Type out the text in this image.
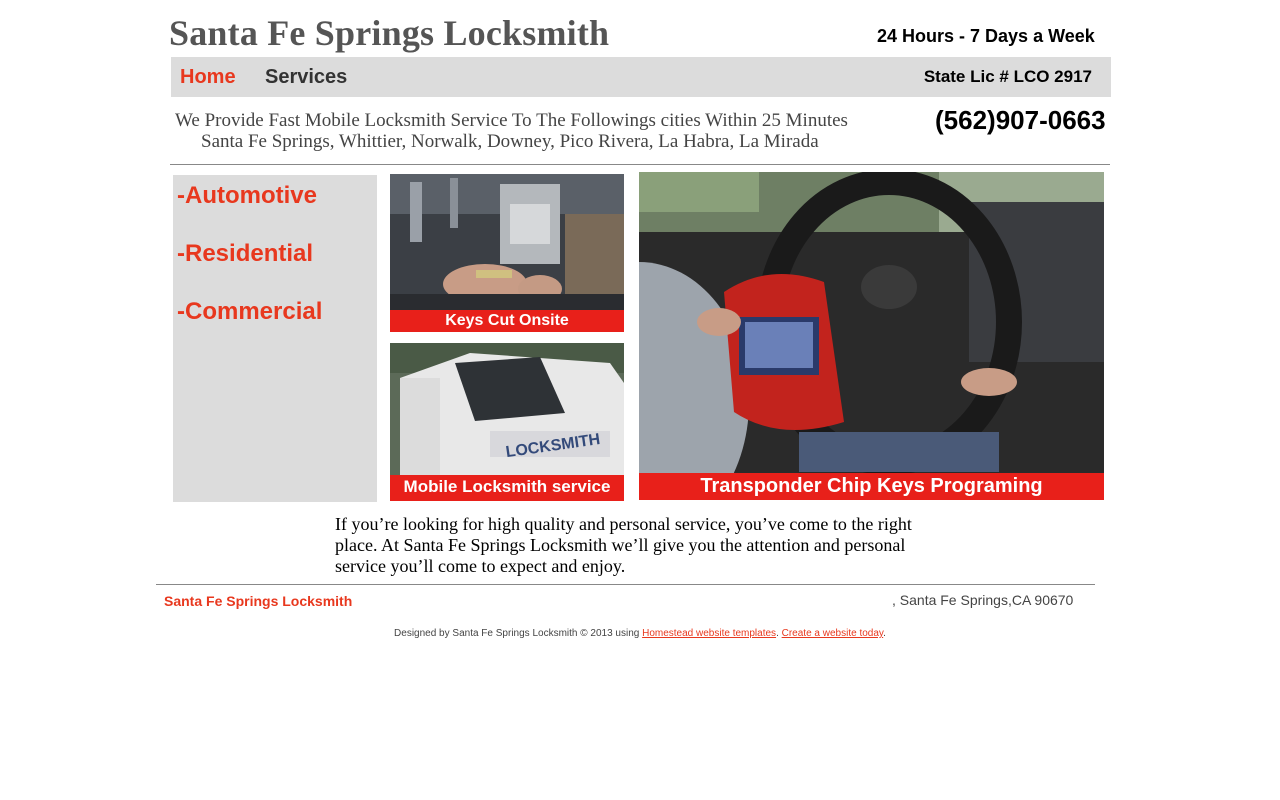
Santa Fe Springs Locksmith	24 Hours - 7 Days a Week
Home Services	State Lic # LCO 2917
We Provide Fast Mobile Locksmith Service To The Followings cities Within 25 Minutes
Santa Fe Springs, Whittier, Norwalk, Downey, Pico Rivera, La Habra, La Mirada
(562)907-0663
-Automotive
-Residential
-Commercial	Keys Cut Onsite
LOCKSMITH
Mobile Locksmith service	Transponder Chip Keys Programing
If you’re looking for high quality and personal service, you’ve come to the right place. At Santa Fe Springs Locksmith we’ll give you the attention and personal service you’ll come to expect and enjoy.
Santa Fe Springs Locksmith	, Santa Fe Springs,CA 90670
Designed by Santa Fe Springs Locksmith © 2013 using Homestead website templates. Create a website today.
